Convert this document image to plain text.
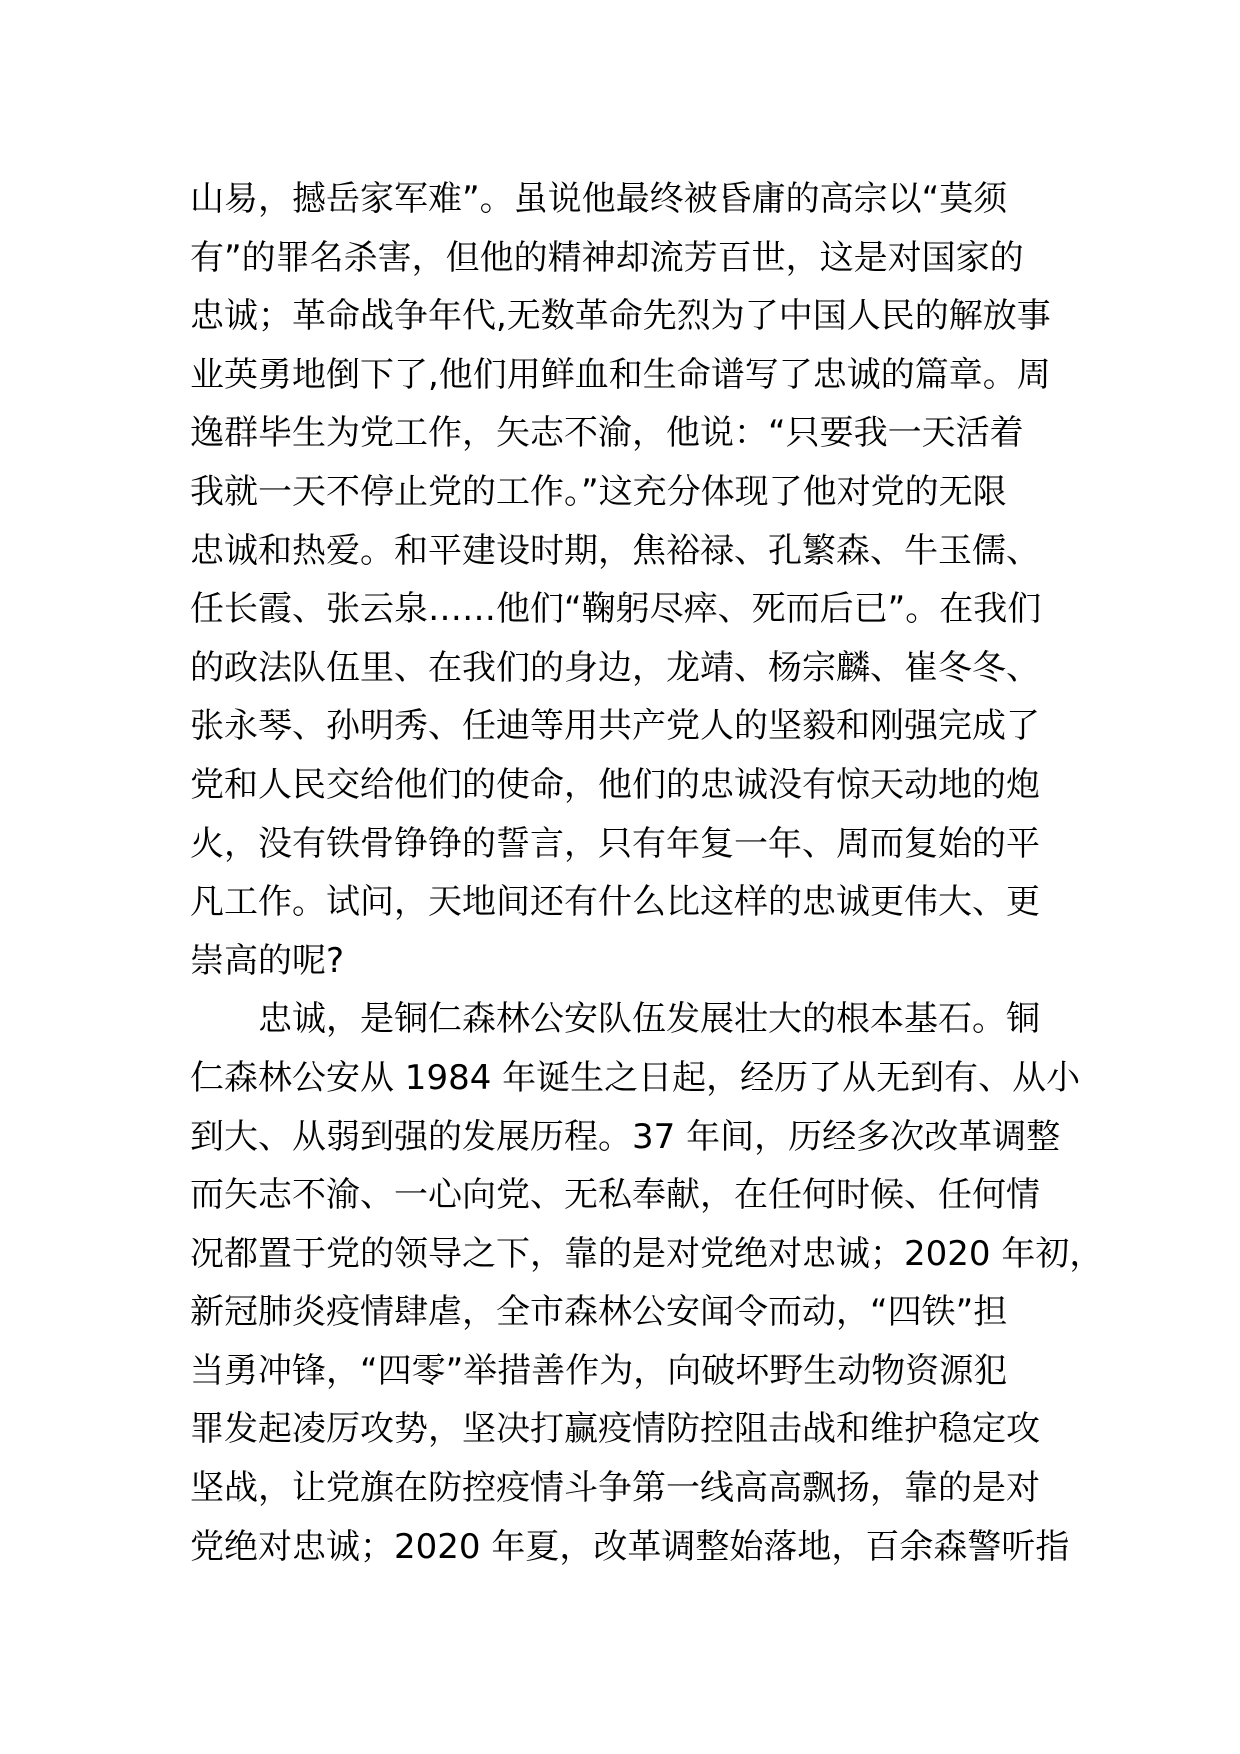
山易，撼岳家军难”。虽说他最终被昏庸的高宗以“莫须
有”的罪名杀害，但他的精神却流芳百世，这是对国家的
忠诚；革命战争年代,无数革命先烈为了中国人民的解放事
业英勇地倒下了,他们用鲜血和生命谱写了忠诚的篇章。周
逸群毕生为党工作，矢志不渝，他说：“只要我一天活着
我就一天不停止党的工作。”这充分体现了他对党的无限
忠诚和热爱。和平建设时期，焦裕禄、孔繁森、牛玉儒、
任长霞、张云泉……他们“鞠躬尽瘁、死而后已”。在我们
的政法队伍里、在我们的身边，龙靖、杨宗麟、崔冬冬、
张永琴、孙明秀、任迪等用共产党人的坚毅和刚强完成了
党和人民交给他们的使命，他们的忠诚没有惊天动地的炮
火，没有铁骨铮铮的誓言，只有年复一年、周而复始的平
凡工作。试问，天地间还有什么比这样的忠诚更伟大、更
崇高的呢?
忠诚，是铜仁森林公安队伍发展壮大的根本基石。铜
仁森林公安从 1984 年诞生之日起，经历了从无到有、从小
到大、从弱到强的发展历程。37 年间，历经多次改革调整
而矢志不渝、一心向党、无私奉献，在任何时候、任何情
况都置于党的领导之下，靠的是对党绝对忠诚；2020 年初，
新冠肺炎疫情肆虐，全市森林公安闻令而动，“四铁”担
当勇冲锋，“四零”举措善作为，向破坏野生动物资源犯
罪发起凌厉攻势，坚决打赢疫情防控阻击战和维护稳定攻
坚战，让党旗在防控疫情斗争第一线高高飘扬，靠的是对
党绝对忠诚；2020 年夏，改革调整始落地，百余森警听指
